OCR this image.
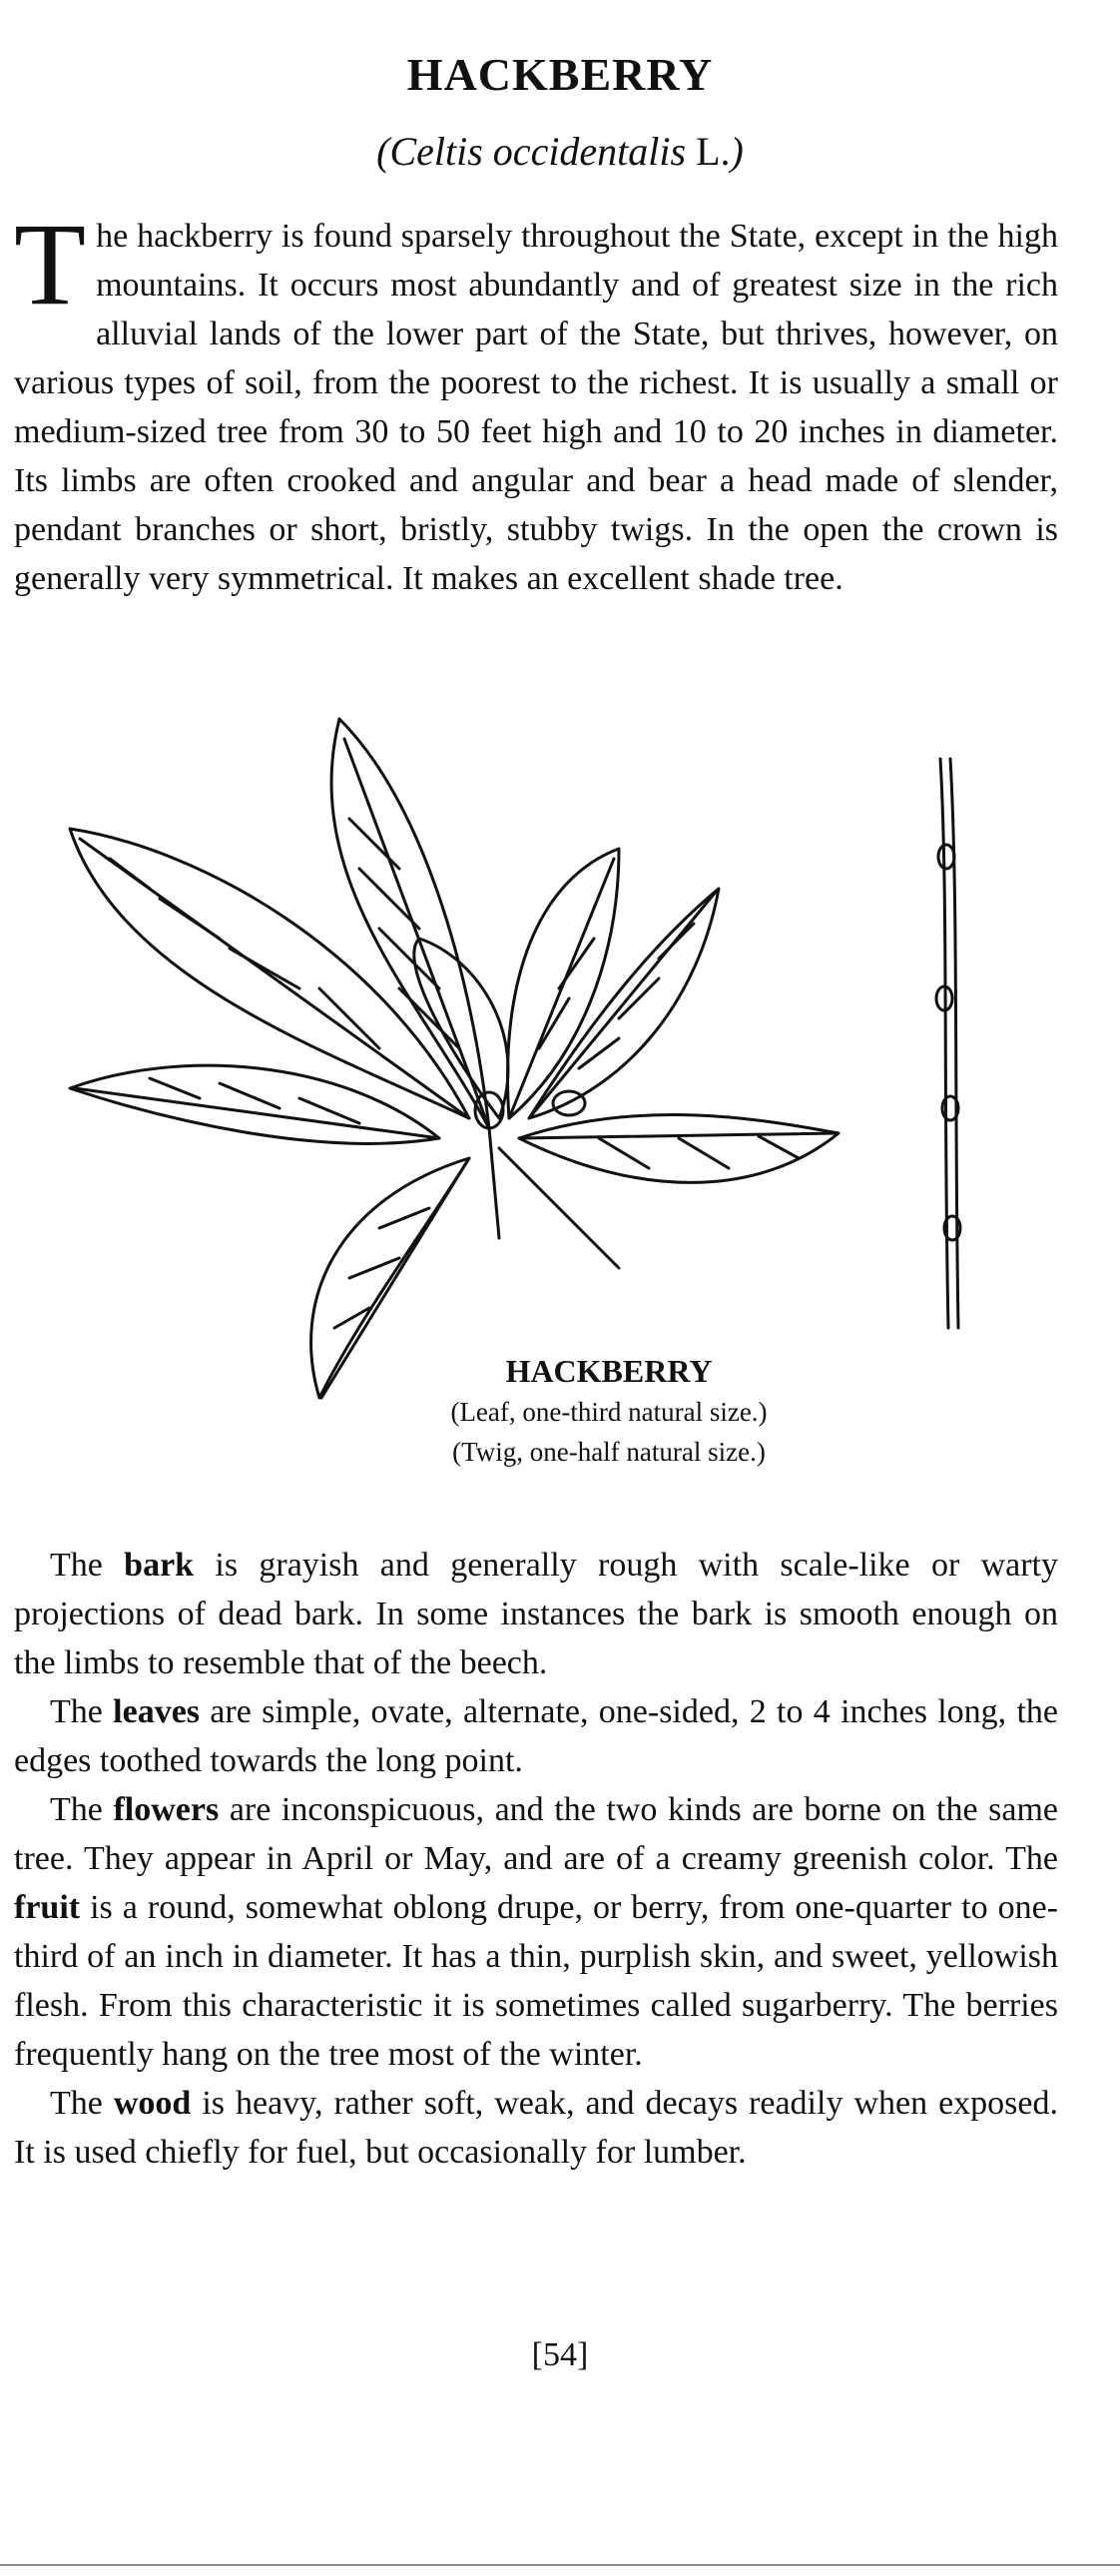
HACKBERRY
(Celtis occidentalis L.)
The hackberry is found sparsely throughout the State, except in the high mountains. It occurs most abundantly and of greatest size in the rich alluvial lands of the lower part of the State, but thrives, however, on various types of soil, from the poorest to the richest. It is usually a small or medium-sized tree from 30 to 50 feet high and 10 to 20 inches in diameter. Its limbs are often crooked and angular and bear a head made of slender, pendant branches or short, bristly, stubby twigs. In the open the crown is generally very symmetrical. It makes an excellent shade tree.
HACKBERRY
(Leaf, one-third natural size.)
(Twig, one-half natural size.)

The bark is grayish and generally rough with scale-like or warty projections of dead bark. In some instances the bark is smooth enough on the limbs to resemble that of the beech.

The leaves are simple, ovate, alternate, one-sided, 2 to 4 inches long, the edges toothed towards the long point.

The flowers are inconspicuous, and the two kinds are borne on the same tree. They appear in April or May, and are of a creamy greenish color. The fruit is a round, somewhat oblong drupe, or berry, from one-quarter to one-third of an inch in diameter. It has a thin, purplish skin, and sweet, yellowish flesh. From this characteristic it is sometimes called sugarberry. The berries frequently hang on the tree most of the winter.

The wood is heavy, rather soft, weak, and decays readily when exposed. It is used chiefly for fuel, but occasionally for lumber.

[54]
